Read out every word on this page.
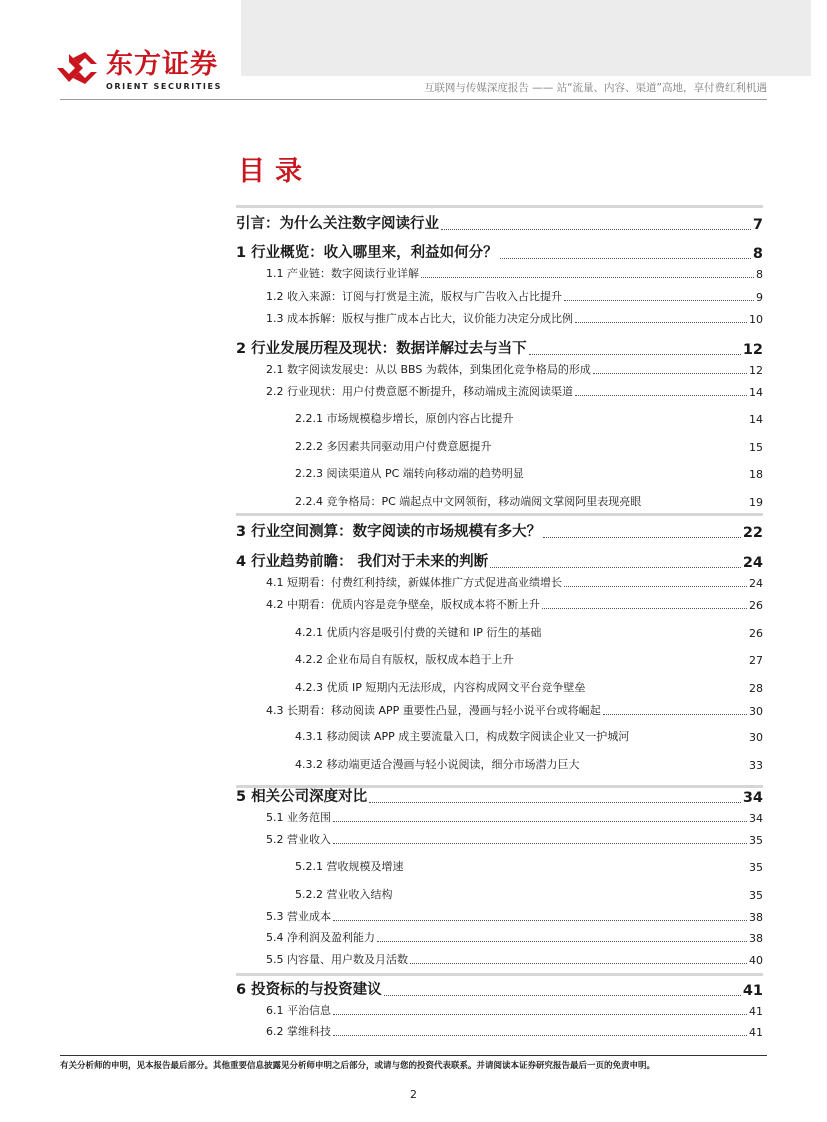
东方证券
ORIENT SECURITIES	互联网与传媒深度报告 —— 站“流量、内容、渠道”高地，享付费红利机遇
目录
引言：为什么关注数字阅读行业	7
1 行业概览：收入哪里来，利益如何分？	8
1.1 产业链：数字阅读行业详解	8
1.2 收入来源：订阅与打赏是主流，版权与广告收入占比提升	9
1.3 成本拆解：版权与推广成本占比大，议价能力决定分成比例	10
2 行业发展历程及现状：数据详解过去与当下	12
2.1 数字阅读发展史：从以 BBS 为载体，到集团化竞争格局的形成	12
2.2 行业现状：用户付费意愿不断提升，移动端成主流阅读渠道	14
2.2.1 市场规模稳步增长，原创内容占比提升	14
2.2.2 多因素共同驱动用户付费意愿提升	15
2.2.3 阅读渠道从 PC 端转向移动端的趋势明显	18
2.2.4 竞争格局：PC 端起点中文网领衔，移动端阅文掌阅阿里表现亮眼	19
3 行业空间测算：数字阅读的市场规模有多大？	22
4 行业趋势前瞻： 我们对于未来的判断	24
4.1 短期看：付费红利持续，新媒体推广方式促进高业绩增长	24
4.2 中期看：优质内容是竞争壁垒，版权成本将不断上升	26
4.2.1 优质内容是吸引付费的关键和 IP 衍生的基础	26
4.2.2 企业布局自有版权，版权成本趋于上升	27
4.2.3 优质 IP 短期内无法形成，内容构成网文平台竞争壁垒	28
4.3 长期看：移动阅读 APP 重要性凸显，漫画与轻小说平台或将崛起	30
4.3.1 移动阅读 APP 成主要流量入口，构成数字阅读企业又一护城河	30
4.3.2 移动端更适合漫画与轻小说阅读，细分市场潜力巨大	33
5 相关公司深度对比	34
5.1 业务范围	34
5.2 营业收入	35
5.2.1 营收规模及增速	35
5.2.2 营业收入结构	35
5.3 营业成本	38
5.4 净利润及盈利能力	38
5.5 内容量、用户数及月活数	40
6 投资标的与投资建议	41
6.1 平治信息	41
6.2 掌维科技	41
有关分析师的申明，见本报告最后部分。其他重要信息披露见分析师申明之后部分，或请与您的投资代表联系。并请阅读本证券研究报告最后一页的免责申明。
2
